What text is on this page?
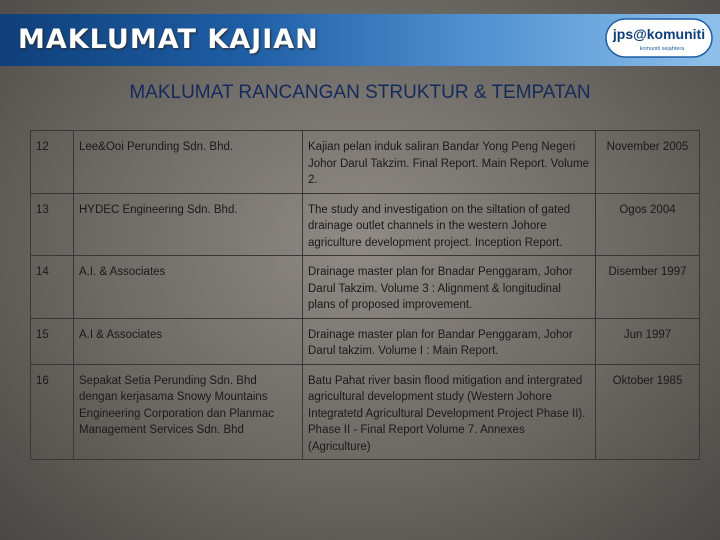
MAKLUMAT KAJIAN	jps@komuniti
komuniti sejahtera
MAKLUMAT RANCANGAN STRUKTUR & TEMPATAN
12	Lee&Ooi Perunding Sdn. Bhd.	Kajian pelan induk saliran Bandar Yong Peng Negeri Johor Darul Takzim. Final Report. Main Report. Volume 2.	November 2005
13	HYDEC Engineering Sdn. Bhd.	The study and investigation on the siltation of gated drainage outlet channels in the western Johore agriculture development project. Inception Report.	Ogos 2004
14	A.I. & Associates	Drainage master plan for Bnadar Penggaram, Johor Darul Takzim. Volume 3 : Alignment & longitudinal plans of proposed improvement.	Disember 1997
15	A.I & Associates	Drainage master plan for Bandar Penggaram, Johor Darul takzim. Volume I : Main Report.	Jun 1997
16	Sepakat Setia Perunding Sdn. Bhd dengan kerjasama Snowy Mountains Engineering Corporation dan Planmac Management Services Sdn. Bhd	Batu Pahat river basin flood mitigation and intergrated agricultural development study (Western Johore Integratetd Agricultural Development Project Phase II). Phase II - Final Report Volume 7. Annexes (Agriculture)	Oktober 1985
